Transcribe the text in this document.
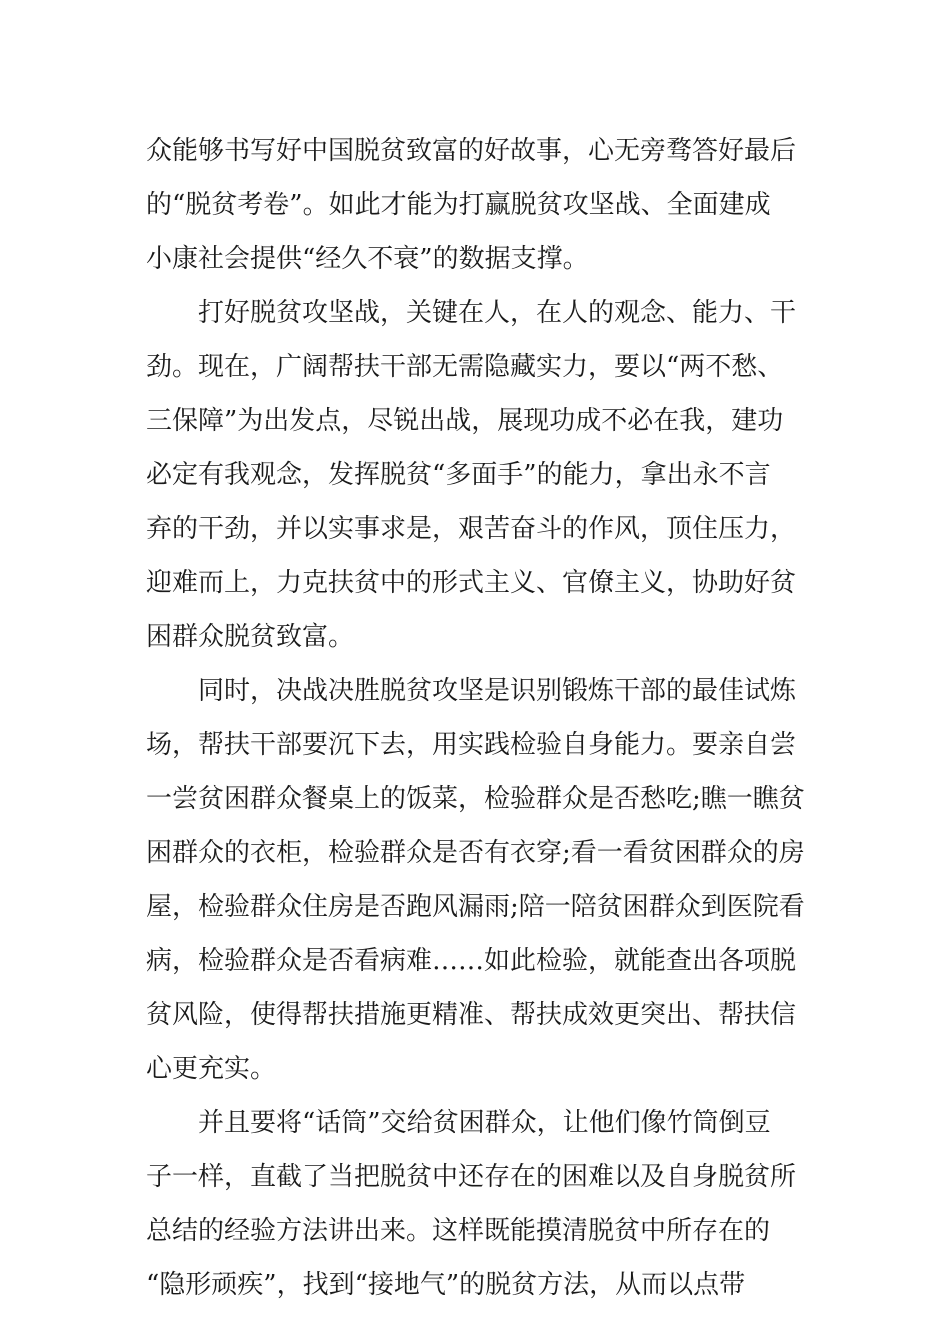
众能够书写好中国脱贫致富的好故事，心无旁骛答好最后
的“脱贫考卷”。如此才能为打赢脱贫攻坚战、全面建成
小康社会提供“经久不衰”的数据支撑。
打好脱贫攻坚战，关键在人，在人的观念、能力、干
劲。现在，广阔帮扶干部无需隐藏实力，要以“两不愁、
三保障”为出发点，尽锐出战，展现功成不必在我，建功
必定有我观念，发挥脱贫“多面手”的能力，拿出永不言
弃的干劲，并以实事求是，艰苦奋斗的作风，顶住压力，
迎难而上，力克扶贫中的形式主义、官僚主义，协助好贫
困群众脱贫致富。
同时，决战决胜脱贫攻坚是识别锻炼干部的最佳试炼
场，帮扶干部要沉下去，用实践检验自身能力。要亲自尝
一尝贫困群众餐桌上的饭菜，检验群众是否愁吃;瞧一瞧贫
困群众的衣柜，检验群众是否有衣穿;看一看贫困群众的房
屋，检验群众住房是否跑风漏雨;陪一陪贫困群众到医院看
病，检验群众是否看病难……如此检验，就能查出各项脱
贫风险，使得帮扶措施更精准、帮扶成效更突出、帮扶信
心更充实。
并且要将“话筒”交给贫困群众，让他们像竹筒倒豆
子一样，直截了当把脱贫中还存在的困难以及自身脱贫所
总结的经验方法讲出来。这样既能摸清脱贫中所存在的
“隐形顽疾”，找到“接地气”的脱贫方法，从而以点带
